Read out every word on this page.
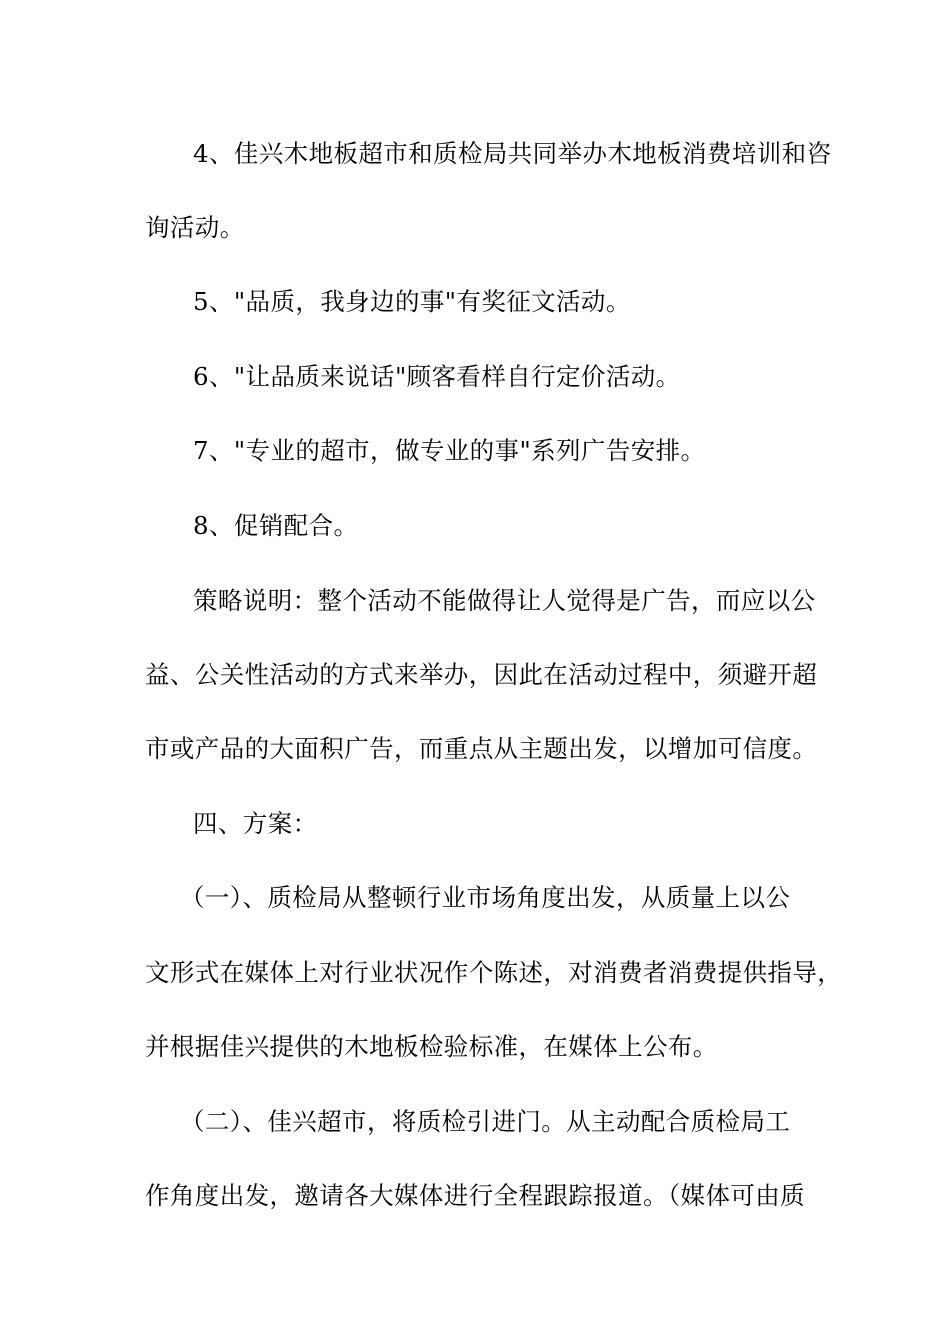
4、佳兴木地板超市和质检局共同举办木地板消费培训和咨
询活动。
5、"品质，我身边的事"有奖征文活动。
6、"让品质来说话"顾客看样自行定价活动。
7、"专业的超市，做专业的事"系列广告安排。
8、促销配合。
策略说明：整个活动不能做得让人觉得是广告，而应以公
益、公关性活动的方式来举办，因此在活动过程中，须避开超
市或产品的大面积广告，而重点从主题出发，以增加可信度。
四、方案：
（一）、质检局从整顿行业市场角度出发，从质量上以公
文形式在媒体上对行业状况作个陈述，对消费者消费提供指导，
并根据佳兴提供的木地板检验标准，在媒体上公布。
（二）、佳兴超市，将质检引进门。从主动配合质检局工
作角度出发，邀请各大媒体进行全程跟踪报道。（媒体可由质
